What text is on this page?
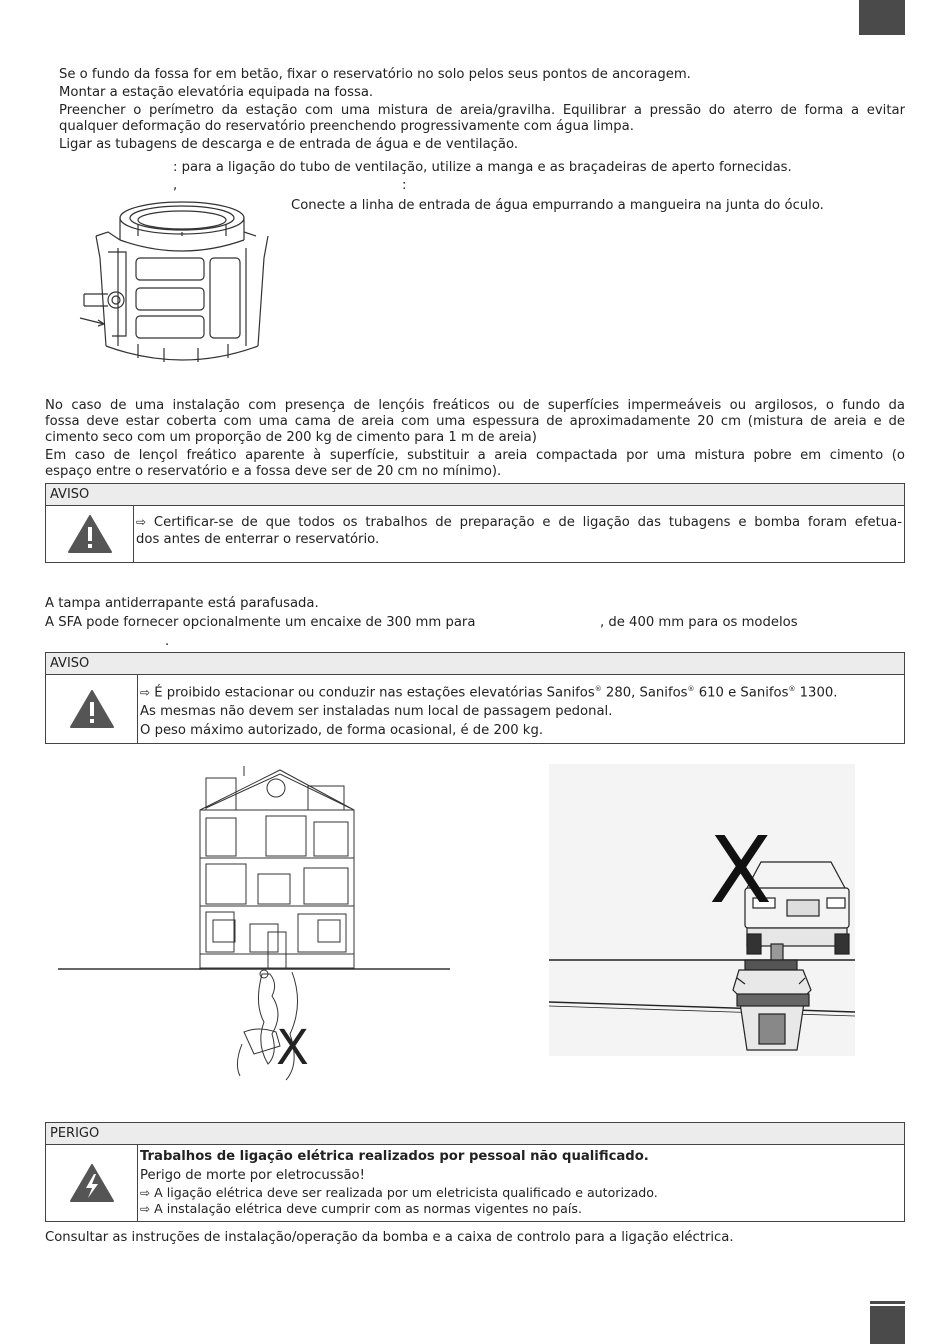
Se o fundo da fossa for em betão, fixar o reservatório no solo pelos seus pontos de ancoragem.
Montar a estação elevatória equipada na fossa.
Preencher o perímetro da estação com uma mistura de areia/gravilha. Equilibrar a pressão do aterro de forma a evitar
qualquer deformação do reservatório preenchendo progressivamente com água limpa.
Ligar as tubagens de descarga e de entrada de água e de ventilação.
: para a ligação do tubo de ventilação, utilize a manga e as braçadeiras de aperto fornecidas.
,	:
Conecte a linha de entrada de água empurrando a mangueira na junta do óculo.
No caso de uma instalação com presença de lençóis freáticos ou de superfícies impermeáveis ou argilosos, o fundo da
fossa deve estar coberta com uma cama de areia com uma espessura de aproximadamente 20 cm (mistura de areia e de
cimento seco com um proporção de 200 kg de cimento para 1 m de areia)
Em caso de lençol freático aparente à superfície, substituir a areia compactada por uma mistura pobre em cimento (o
espaço entre o reservatório e a fossa deve ser de 20 cm no mínimo).
AVISO
⇨ Certificar-se de que todos os trabalhos de preparação e de ligação das tubagens e bomba foram efetua-
dos antes de enterrar o reservatório.
A tampa antiderrapante está parafusada.
A SFA pode fornecer opcionalmente um encaixe de 300 mm para	, de 400 mm para os modelos
.
AVISO
⇨ É proibido estacionar ou conduzir nas estações elevatórias Sanifos® 280, Sanifos® 610 e Sanifos® 1300.
As mesmas não devem ser instaladas num local de passagem pedonal.
O peso máximo autorizado, de forma ocasional, é de 200 kg.
X
X
PERIGO
Trabalhos de ligação elétrica realizados por pessoal não qualificado.
Perigo de morte por eletrocussão!
⇨ A ligação elétrica deve ser realizada por um eletricista qualificado e autorizado.
⇨ A instalação elétrica deve cumprir com as normas vigentes no país.
Consultar as instruções de instalação/operação da bomba e a caixa de controlo para a ligação eléctrica.
